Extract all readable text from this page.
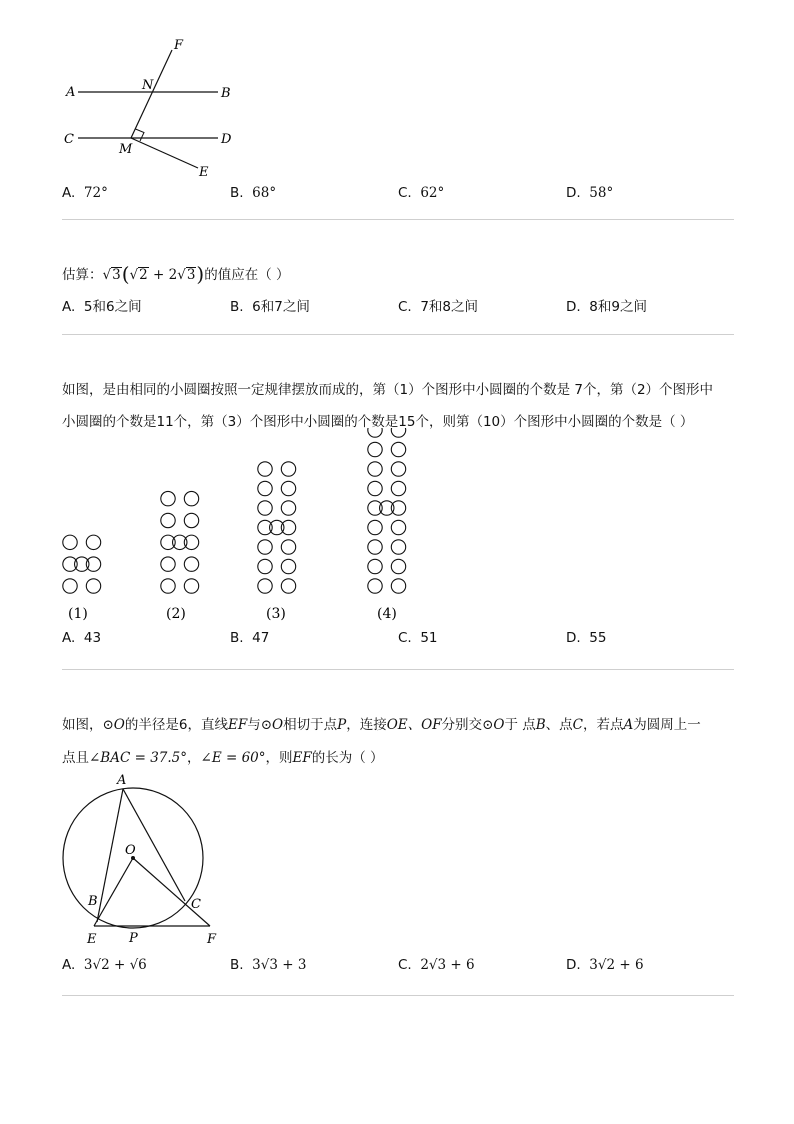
A	B
C	D
N
M
F
E
A. 72°	B. 68°	C. 62°	D. 58°
估算：√3(√2 + 2√3)的值应在（ ）
A. 5和6之间	B. 6和7之间	C. 7和8之间	D. 8和9之间
如图，是由相同的小圆圈按照一定规律摆放而成的，第（1）个图形中小圆圈的个数是 7个，第（2）个图形中
小圆圈的个数是11个，第（3）个图形中小圆圈的个数是15个，则第（10）个图形中小圆圈的个数是（ ）
(1)	(2)	(3)	(4)
A. 43	B. 47	C. 51	D. 55
如图，⊙O的半径是6，直线EF与⊙O相切于点P，连接OE、OF分别交⊙O于 点B、点C，若点A为圆周上一
点且∠BAC = 37.5°，∠E = 60°，则EF的长为（ ）
A
O
B	C
E	P	F
A. 3√2 + √6	B. 3√3 + 3	C. 2√3 + 6	D. 3√2 + 6
